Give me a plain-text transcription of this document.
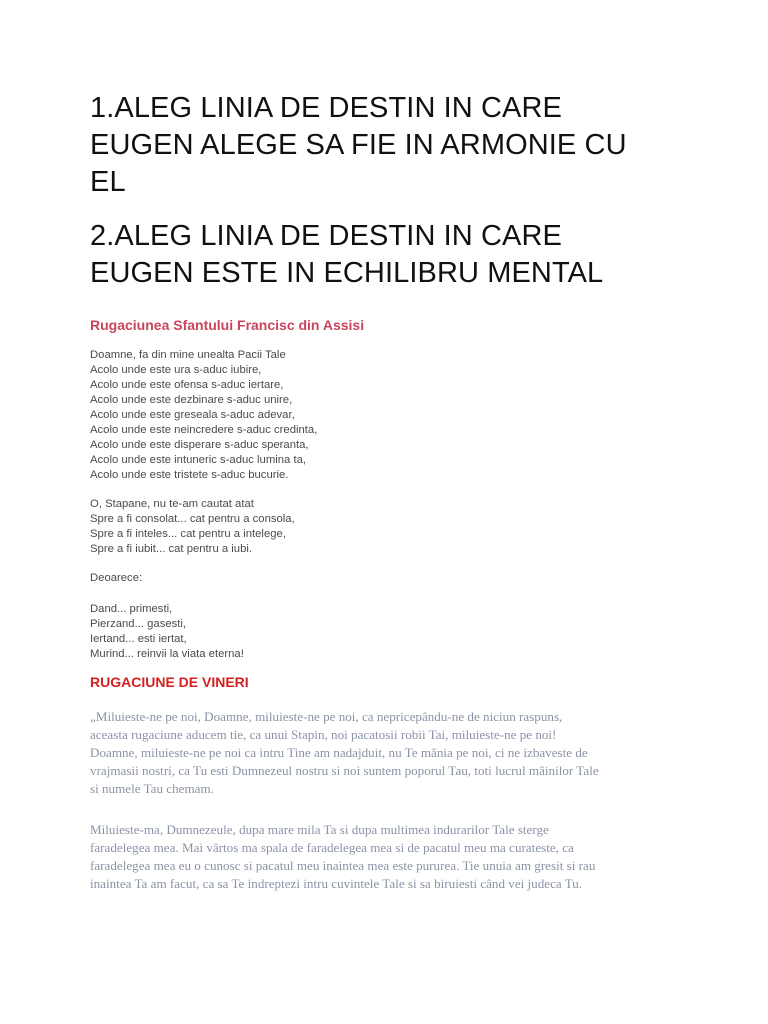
1.ALEG LINIA DE DESTIN IN CARE
EUGEN ALEGE SA FIE IN ARMONIE CU
EL
2.ALEG LINIA DE DESTIN IN CARE
EUGEN ESTE IN ECHILIBRU MENTAL
Rugaciunea Sfantului Francisc din Assisi
Doamne, fa din mine unealta Pacii Tale
Acolo unde este ura s-aduc iubire,
Acolo unde este ofensa s-aduc iertare,
Acolo unde este dezbinare s-aduc unire,
Acolo unde este greseala s-aduc adevar,
Acolo unde este neincredere s-aduc credinta,
Acolo unde este disperare s-aduc speranta,
Acolo unde este intuneric s-aduc lumina ta,
Acolo unde este tristete s-aduc bucurie.
O, Stapane, nu te-am cautat atat
Spre a fi consolat... cat pentru a consola,
Spre a fi inteles... cat pentru a intelege,
Spre a fi iubit... cat pentru a iubi.
Deoarece:
Dand... primesti,
Pierzand... gasesti,
Iertand... esti iertat,
Murind... reinvii la viata eterna!
RUGACIUNE DE VINERI
„Miluieste-ne pe noi, Doamne, miluieste-ne pe noi, ca nepricepându-ne de niciun raspuns,
aceasta rugaciune aducem tie, ca unui Stapin, noi pacatosii robii Tai, miluieste-ne pe noi!
Doamne, miluieste-ne pe noi ca intru Tine am nadajduit, nu Te mânia pe noi, ci ne izbaveste de
vrajmasii nostri, ca Tu esti Dumnezeul nostru si noi suntem poporul Tau, toti lucrul mâinilor Tale
si numele Tau chemam.
Miluieste-ma, Dumnezeule, dupa mare mila Ta si dupa multimea indurarilor Tale sterge
faradelegea mea. Mai vârtos ma spala de faradelegea mea si de pacatul meu ma curateste, ca
faradelegea mea eu o cunosc si pacatul meu inaintea mea este pururea. Tie unuia am gresit si rau
inaintea Ta am facut, ca sa Te indreptezi intru cuvintele Tale si sa biruiesti când vei judeca Tu.
